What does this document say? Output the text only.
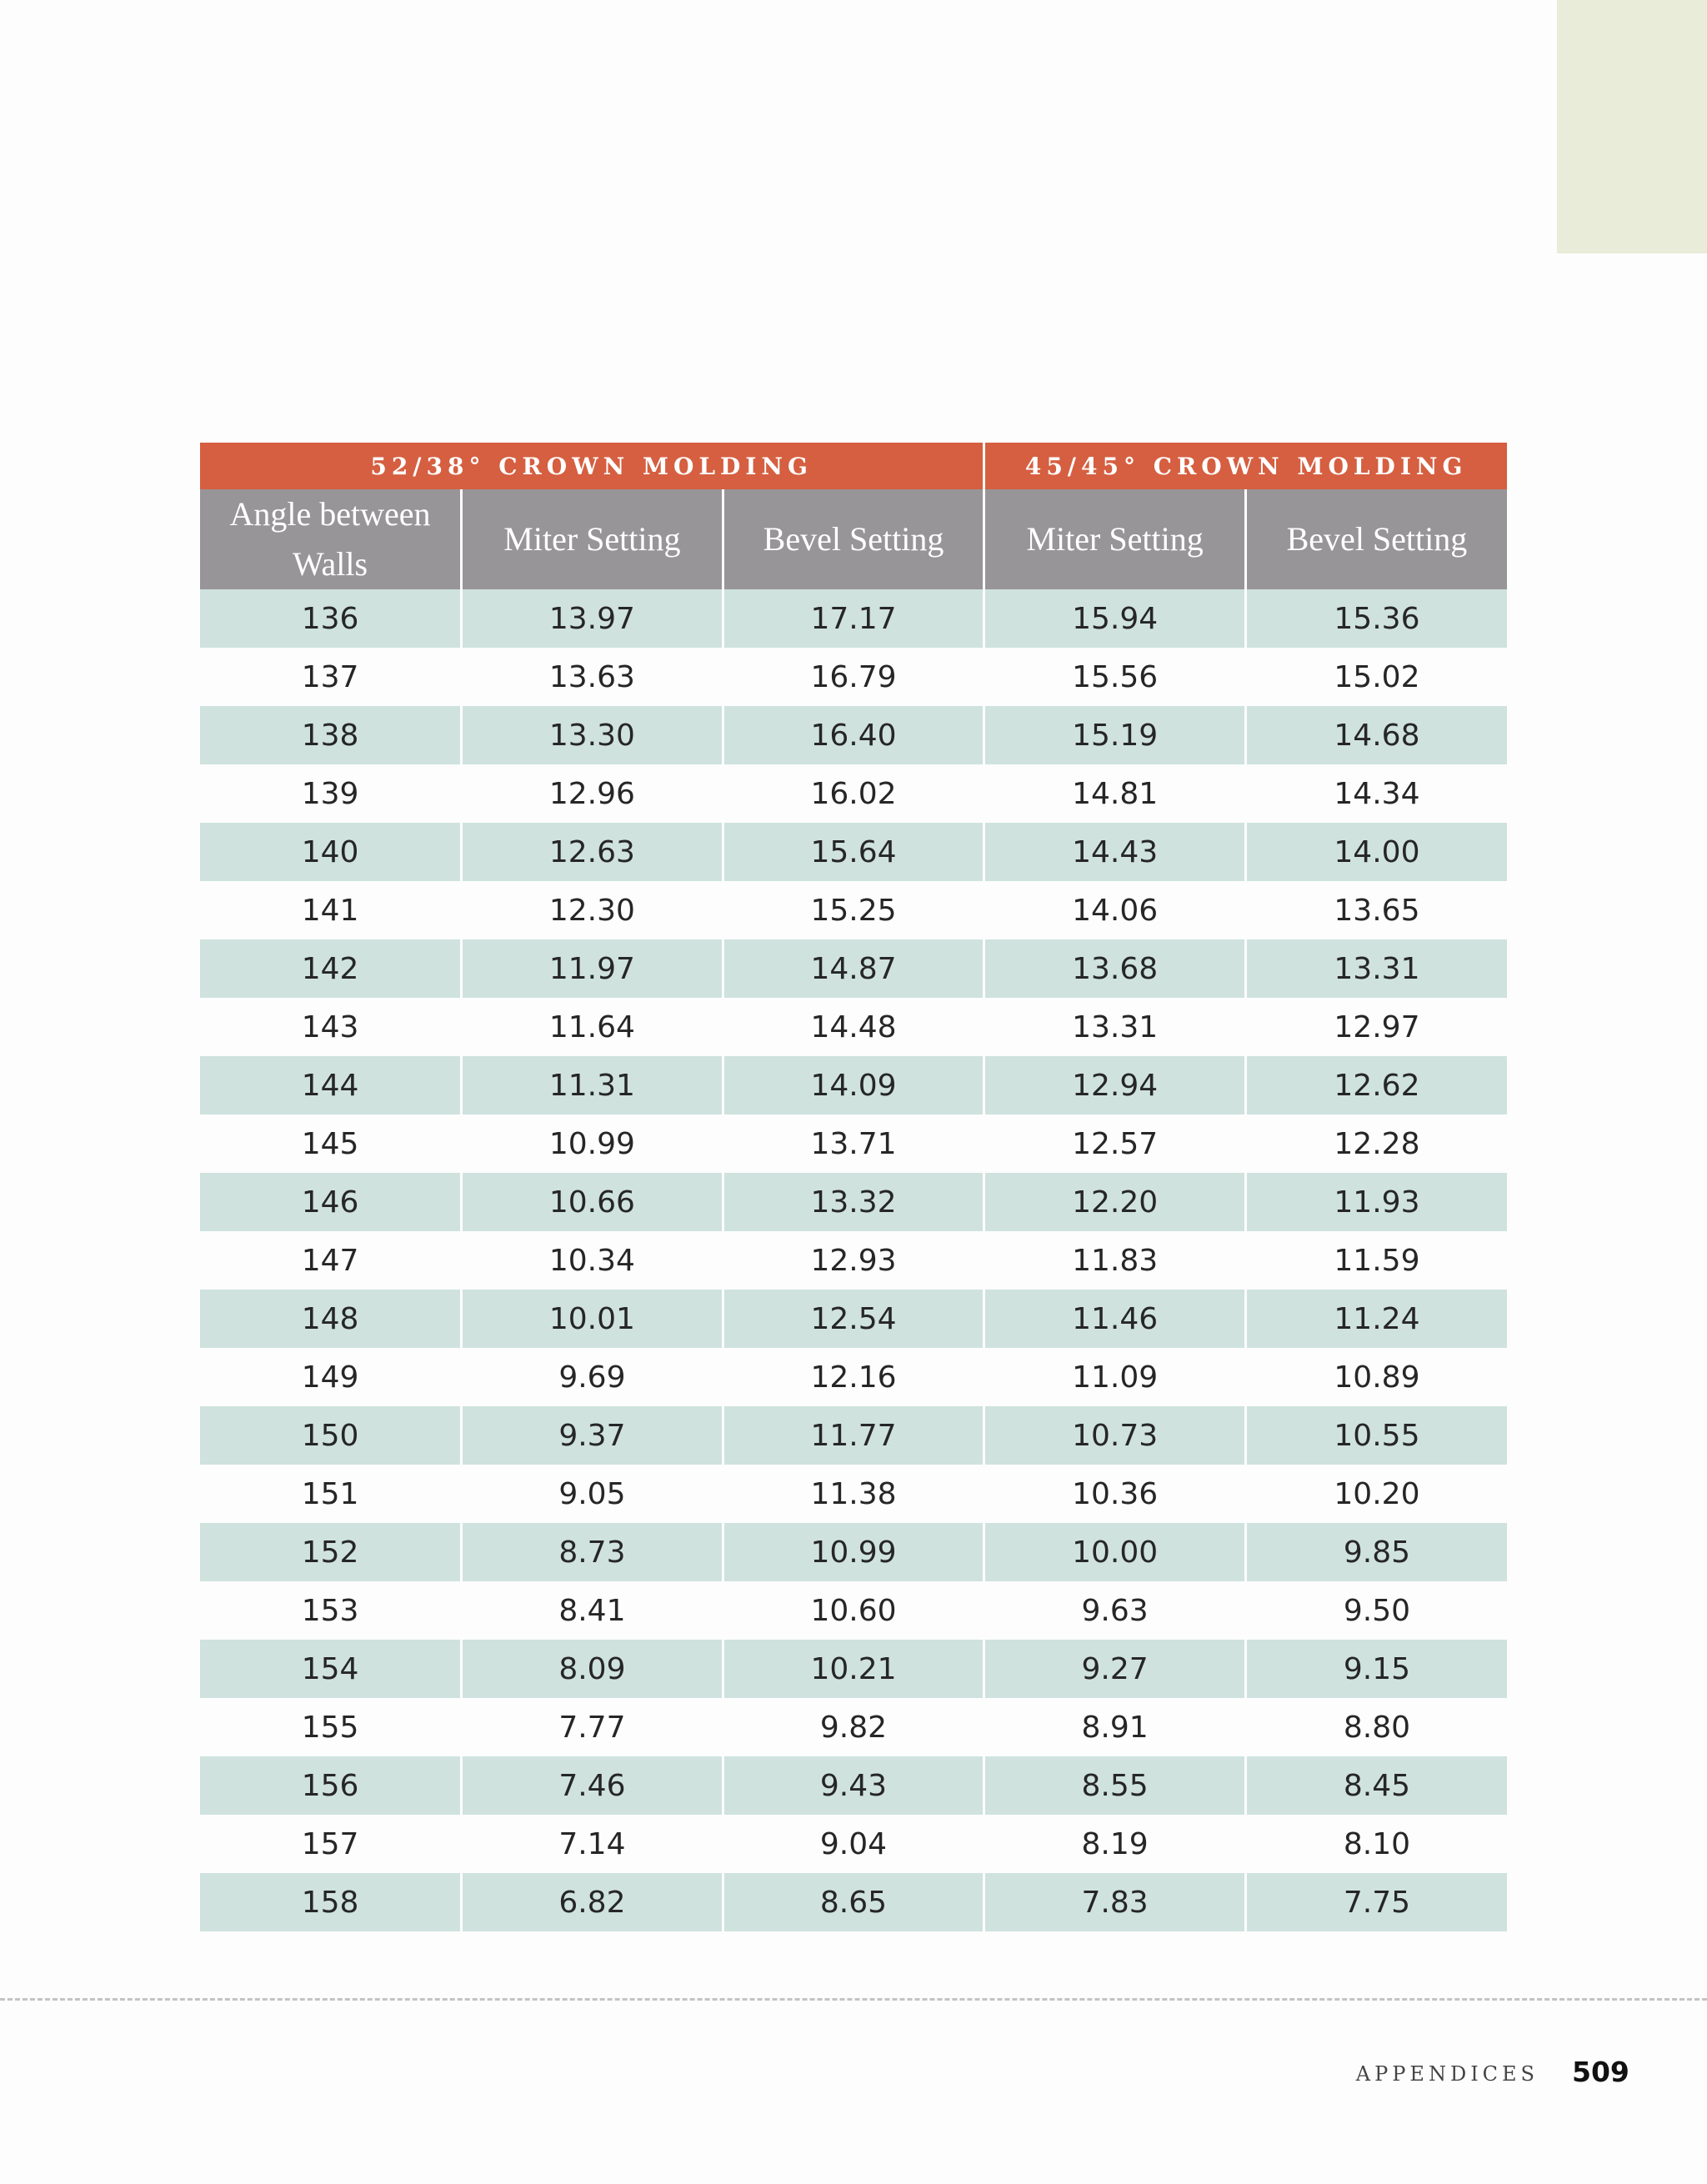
52/38° CROWN MOLDING			45/45° CROWN MOLDING	
Angle between Walls	Miter Setting	Bevel Setting	Miter Setting	Bevel Setting
136	13.97	17.17	15.94	15.36
137	13.63	16.79	15.56	15.02
138	13.30	16.40	15.19	14.68
139	12.96	16.02	14.81	14.34
140	12.63	15.64	14.43	14.00
141	12.30	15.25	14.06	13.65
142	11.97	14.87	13.68	13.31
143	11.64	14.48	13.31	12.97
144	11.31	14.09	12.94	12.62
145	10.99	13.71	12.57	12.28
146	10.66	13.32	12.20	11.93
147	10.34	12.93	11.83	11.59
148	10.01	12.54	11.46	11.24
149	9.69	12.16	11.09	10.89
150	9.37	11.77	10.73	10.55
151	9.05	11.38	10.36	10.20
152	8.73	10.99	10.00	9.85
153	8.41	10.60	9.63	9.50
154	8.09	10.21	9.27	9.15
155	7.77	9.82	8.91	8.80
156	7.46	9.43	8.55	8.45
157	7.14	9.04	8.19	8.10
158	6.82	8.65	7.83	7.75
APPENDICES 509
